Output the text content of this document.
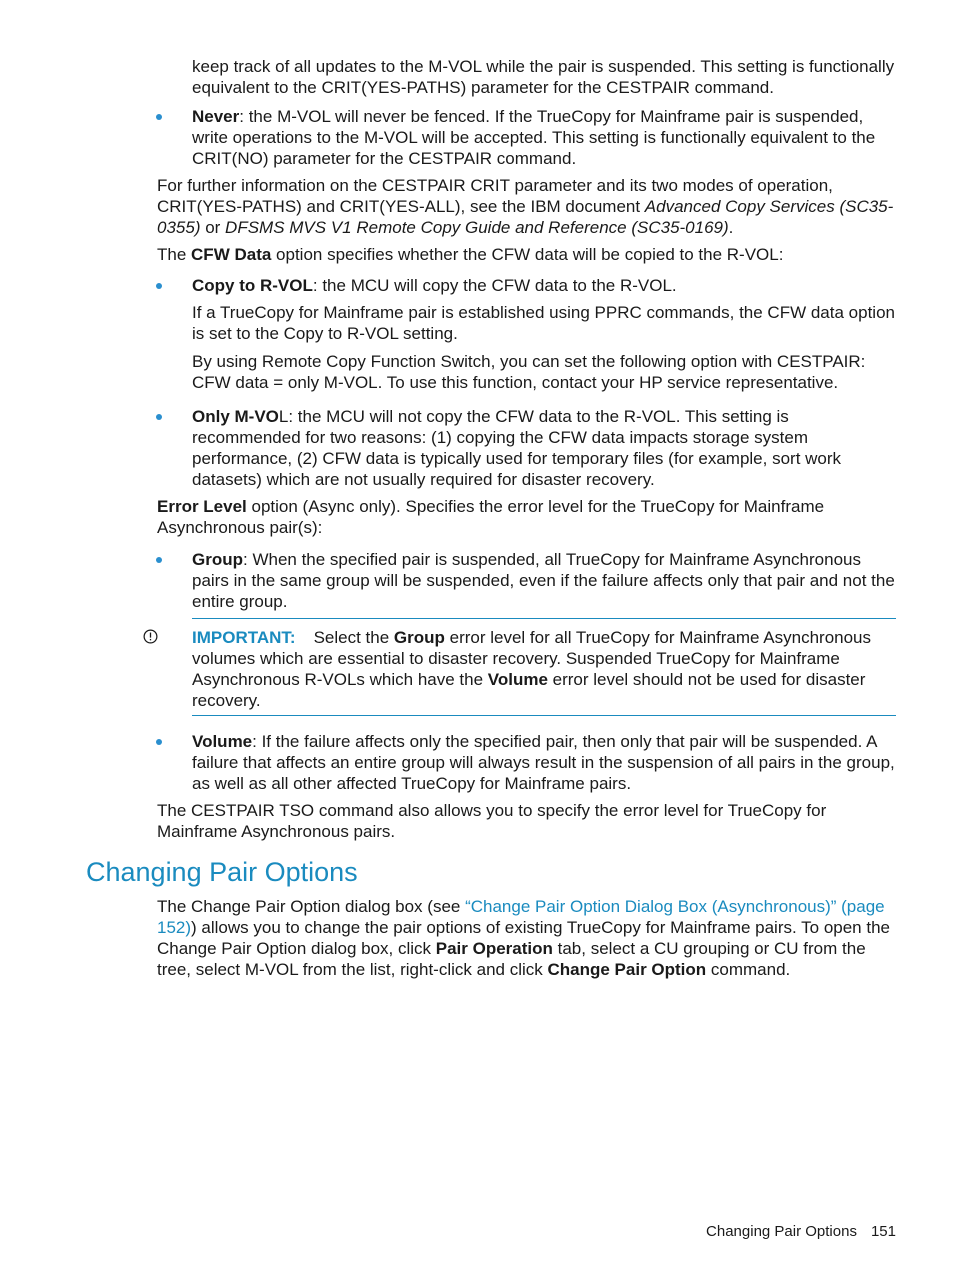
keep track of all updates to the M-VOL while the pair is suspended. This setting is functionally equivalent to the CRIT(YES-PATHS) parameter for the CESTPAIR command.

Never: the M-VOL will never be fenced. If the TrueCopy for Mainframe pair is suspended, write operations to the M-VOL will be accepted. This setting is functionally equivalent to the CRIT(NO) parameter for the CESTPAIR command.

For further information on the CESTPAIR CRIT parameter and its two modes of operation, CRIT(YES-PATHS) and CRIT(YES-ALL), see the IBM document Advanced Copy Services (SC35-0355) or DFSMS MVS V1 Remote Copy Guide and Reference (SC35-0169).

The CFW Data option specifies whether the CFW data will be copied to the R-VOL:

Copy to R-VOL: the MCU will copy the CFW data to the R-VOL.

If a TrueCopy for Mainframe pair is established using PPRC commands, the CFW data option is set to the Copy to R-VOL setting.

By using Remote Copy Function Switch, you can set the following option with CESTPAIR: CFW data = only M-VOL. To use this function, contact your HP service representative.

Only M-VOL: the MCU will not copy the CFW data to the R-VOL. This setting is recommended for two reasons: (1) copying the CFW data impacts storage system performance, (2) CFW data is typically used for temporary files (for example, sort work datasets) which are not usually required for disaster recovery.

Error Level option (Async only). Specifies the error level for the TrueCopy for Mainframe Asynchronous pair(s):

Group: When the specified pair is suspended, all TrueCopy for Mainframe Asynchronous pairs in the same group will be suspended, even if the failure affects only that pair and not the entire group.
IMPORTANT: Select the Group error level for all TrueCopy for Mainframe Asynchronous volumes which are essential to disaster recovery. Suspended TrueCopy for Mainframe Asynchronous R-VOLs which have the Volume error level should not be used for disaster recovery.
Volume: If the failure affects only the specified pair, then only that pair will be suspended. A failure that affects an entire group will always result in the suspension of all pairs in the group, as well as all other affected TrueCopy for Mainframe pairs.

The CESTPAIR TSO command also allows you to specify the error level for TrueCopy for Mainframe Asynchronous pairs.

Changing Pair Options

The Change Pair Option dialog box (see “Change Pair Option Dialog Box (Asynchronous)” (page 152)) allows you to change the pair options of existing TrueCopy for Mainframe pairs. To open the Change Pair Option dialog box, click Pair Operation tab, select a CU grouping or CU from the tree, select M-VOL from the list, right-click and click Change Pair Option command.

Changing Pair Options 151
